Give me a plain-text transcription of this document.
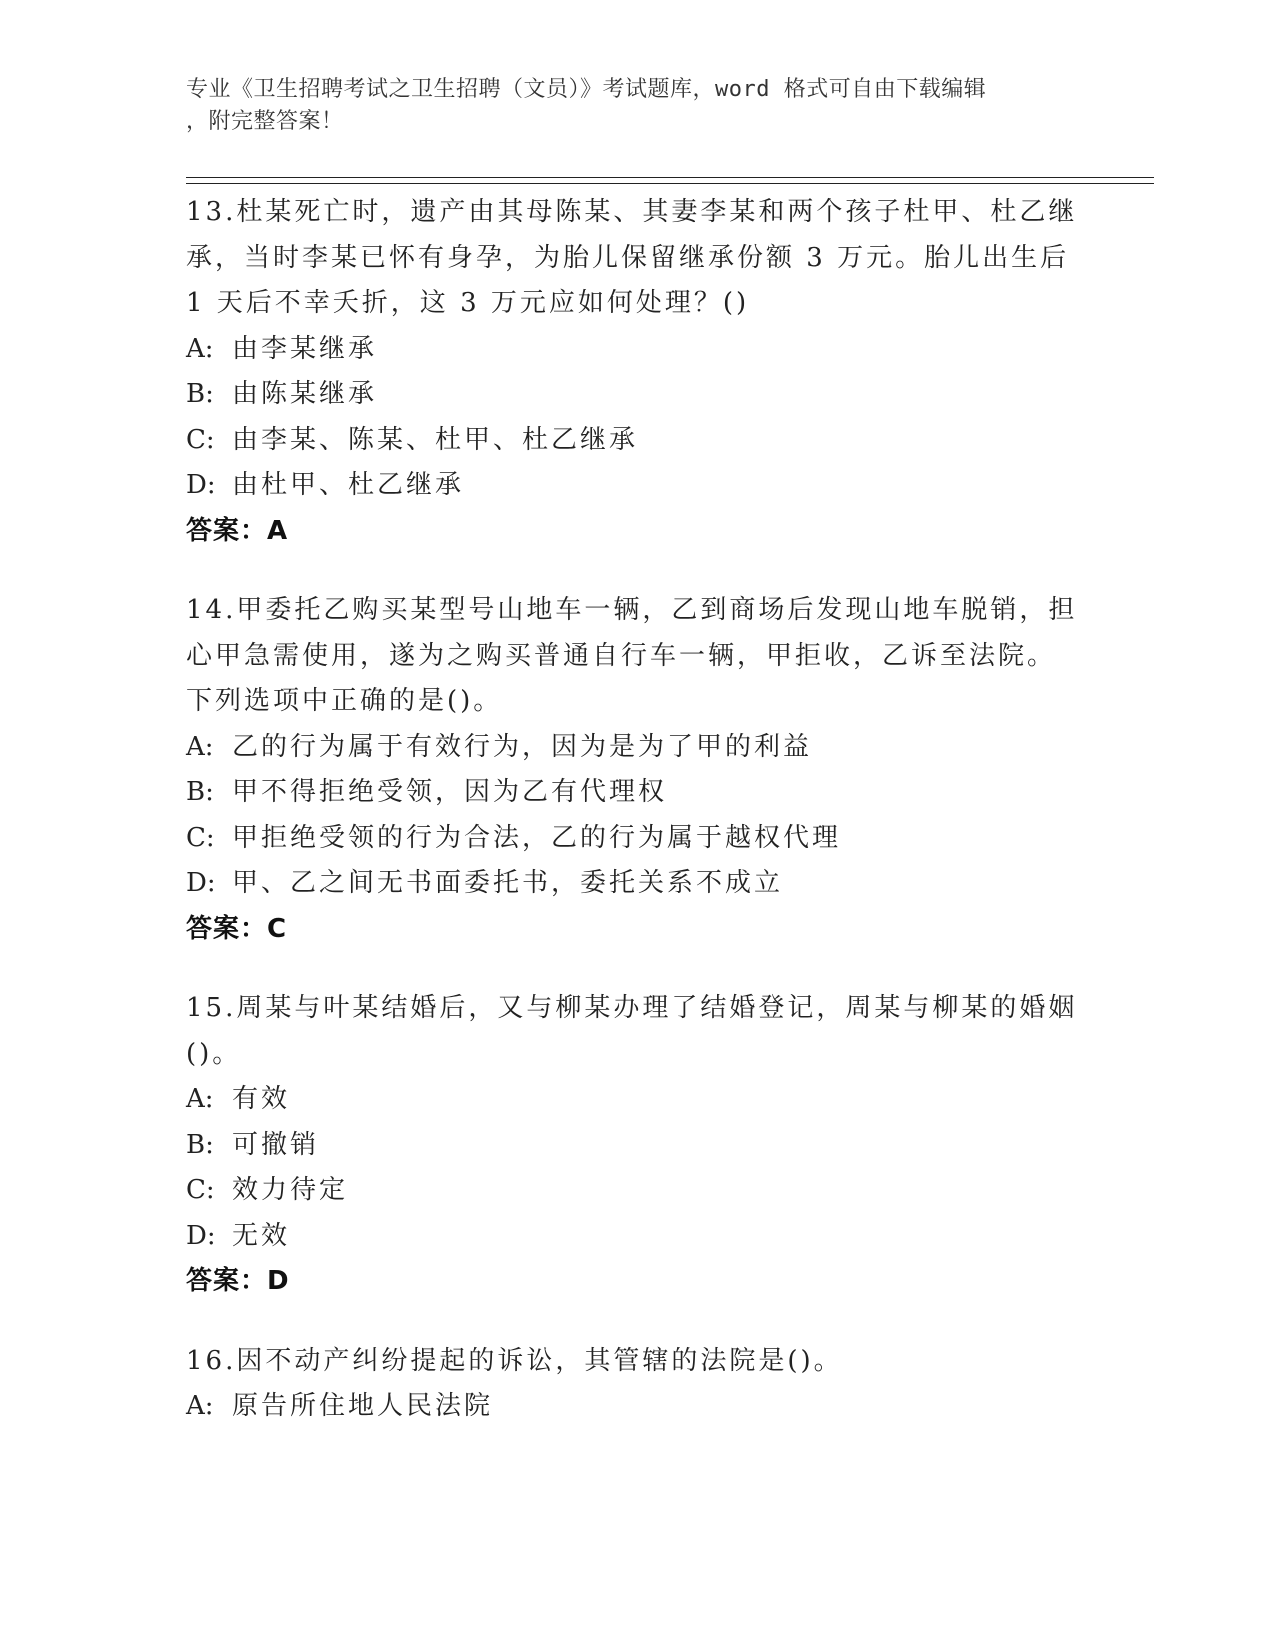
专业《卫生招聘考试之卫生招聘（文员）》考试题库，word 格式可自由下载编辑
，附完整答案！
13.杜某死亡时，遗产由其母陈某、其妻李某和两个孩子杜甲、杜乙继
承，当时李某已怀有身孕，为胎儿保留继承份额 3 万元。胎儿出生后
1 天后不幸夭折，这 3 万元应如何处理？()
A: 由李某继承
B: 由陈某继承
C: 由李某、陈某、杜甲、杜乙继承
D: 由杜甲、杜乙继承
答案：A
14.甲委托乙购买某型号山地车一辆，乙到商场后发现山地车脱销，担
心甲急需使用，遂为之购买普通自行车一辆，甲拒收，乙诉至法院。
下列选项中正确的是()。
A: 乙的行为属于有效行为，因为是为了甲的利益
B: 甲不得拒绝受领，因为乙有代理权
C: 甲拒绝受领的行为合法，乙的行为属于越权代理
D: 甲、乙之间无书面委托书，委托关系不成立
答案：C
15.周某与叶某结婚后，又与柳某办理了结婚登记，周某与柳某的婚姻
()。
A: 有效
B: 可撤销
C: 效力待定
D: 无效
答案：D
16.因不动产纠纷提起的诉讼，其管辖的法院是()。
A: 原告所住地人民法院
